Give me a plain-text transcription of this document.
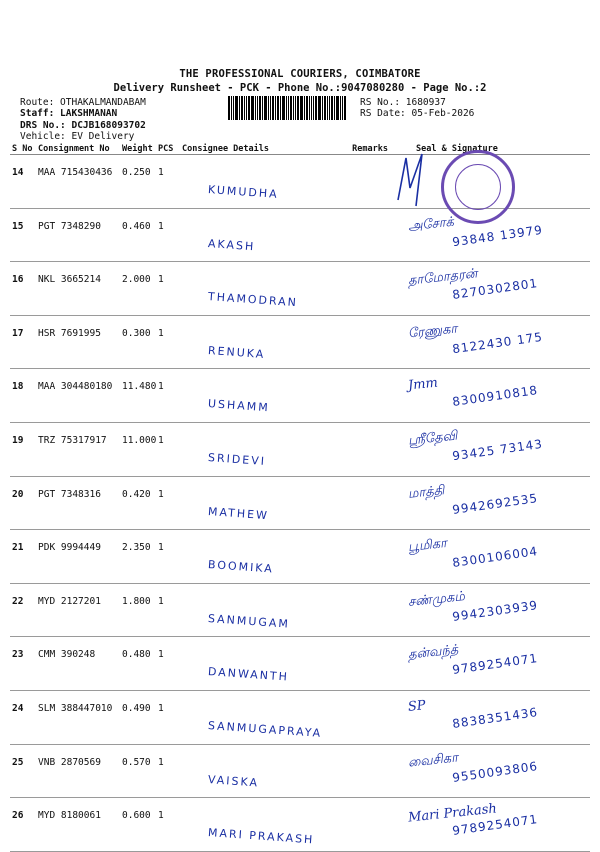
THE PROFESSIONAL COURIERS, COIMBATORE
Delivery Runsheet - PCK - Phone No.:9047080280 - Page No.:2
Route: OTHAKALMANDABAM
Staff: LAKSHMANAN
DRS No.: DCJB168093702
Vehicle: EV Delivery
RS No.: 1680937
RS Date: 05-Feb-2026
S No	Consignment No	Weight	PCS	Consignee Details	Remarks	Seal & Signature
14	MAA 715430436	0.250	1	KUMUDHA		

15	PGT 7348290	0.460	1	AKASH		அசோக்
93848 13979

16	NKL 3665214	2.000	1	THAMODRAN		தாமோதரன்
8270302801

17	HSR 7691995	0.300	1	RENUKA		ரேணுகா
8122430 175

18	MAA 304480180	11.480	1	USHAMM		Jmm 8300910818

19	TRZ 75317917	11.000	1	SRIDEVI		ஸ்ரீதேவி
93425 73143

20	PGT 7348316	0.420	1	MATHEW		மாத்தி 9942692535

21	PDK 9994449	2.350	1	BOOMIKA		பூமிகா 8300106004

22	MYD 2127201	1.800	1	SANMUGAM		சண்முகம்
9942303939

23	CMM 390248	0.480	1	DANWANTH		தன்வந்த்
9789254071

24	SLM 388447010	0.490	1	SANMUGAPRAYA		SP 8838351436

25	VNB 2870569	0.570	1	VAISKA		வைசிகா
9550093806

26	MYD 8180061	0.600	1	MARI PRAKASH		Mari Prakash
9789254071
